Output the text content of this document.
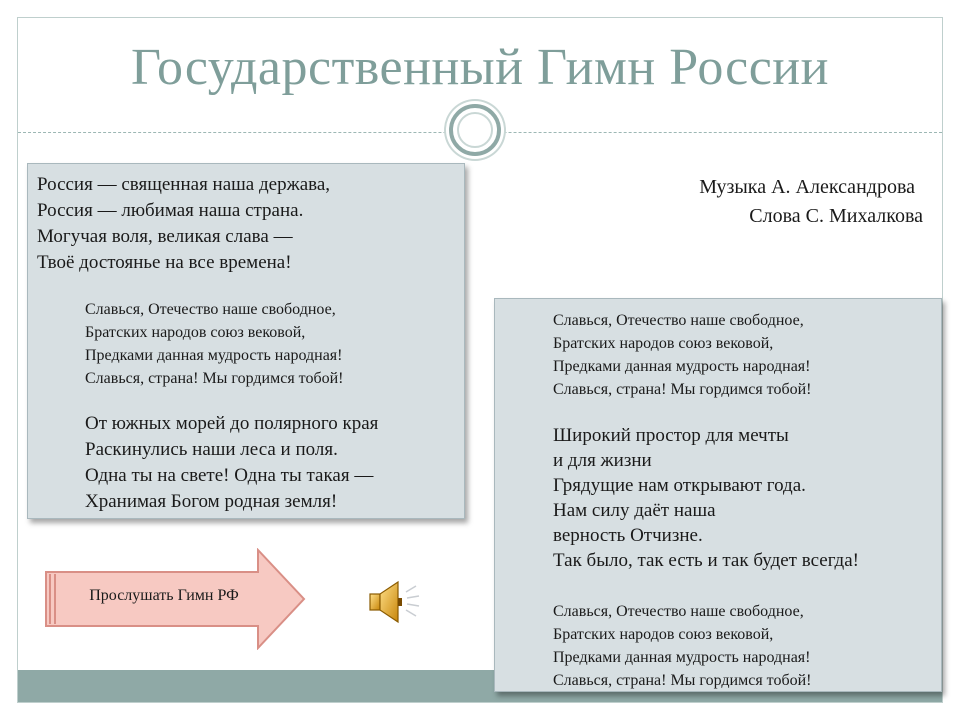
Государственный Гимн России
Россия — священная наша держава,
Россия — любимая наша страна.
Могучая воля, великая слава —
Твоё достоянье на все времена!
Славься, Отечество наше свободное,
Братских народов союз вековой,
Предками данная мудрость народная!
Славься, страна! Мы гордимся тобой!
От южных морей до полярного края
Раскинулись наши леса и поля.
Одна ты на свете! Одна ты такая —
Хранимая Богом родная земля!
Музыка А. Александрова
Слова С. Михалкова
Славься, Отечество наше свободное,
Братских народов союз вековой,
Предками данная мудрость народная!
Славься, страна! Мы гордимся тобой!
Широкий простор для мечты
и для жизни
Грядущие нам открывают года.
Нам силу даёт наша
верность Отчизне.
Так было, так есть и так будет всегда!
Славься, Отечество наше свободное,
Братских народов союз вековой,
Предками данная мудрость народная!
Славься, страна! Мы гордимся тобой!
Прослушать Гимн РФ
